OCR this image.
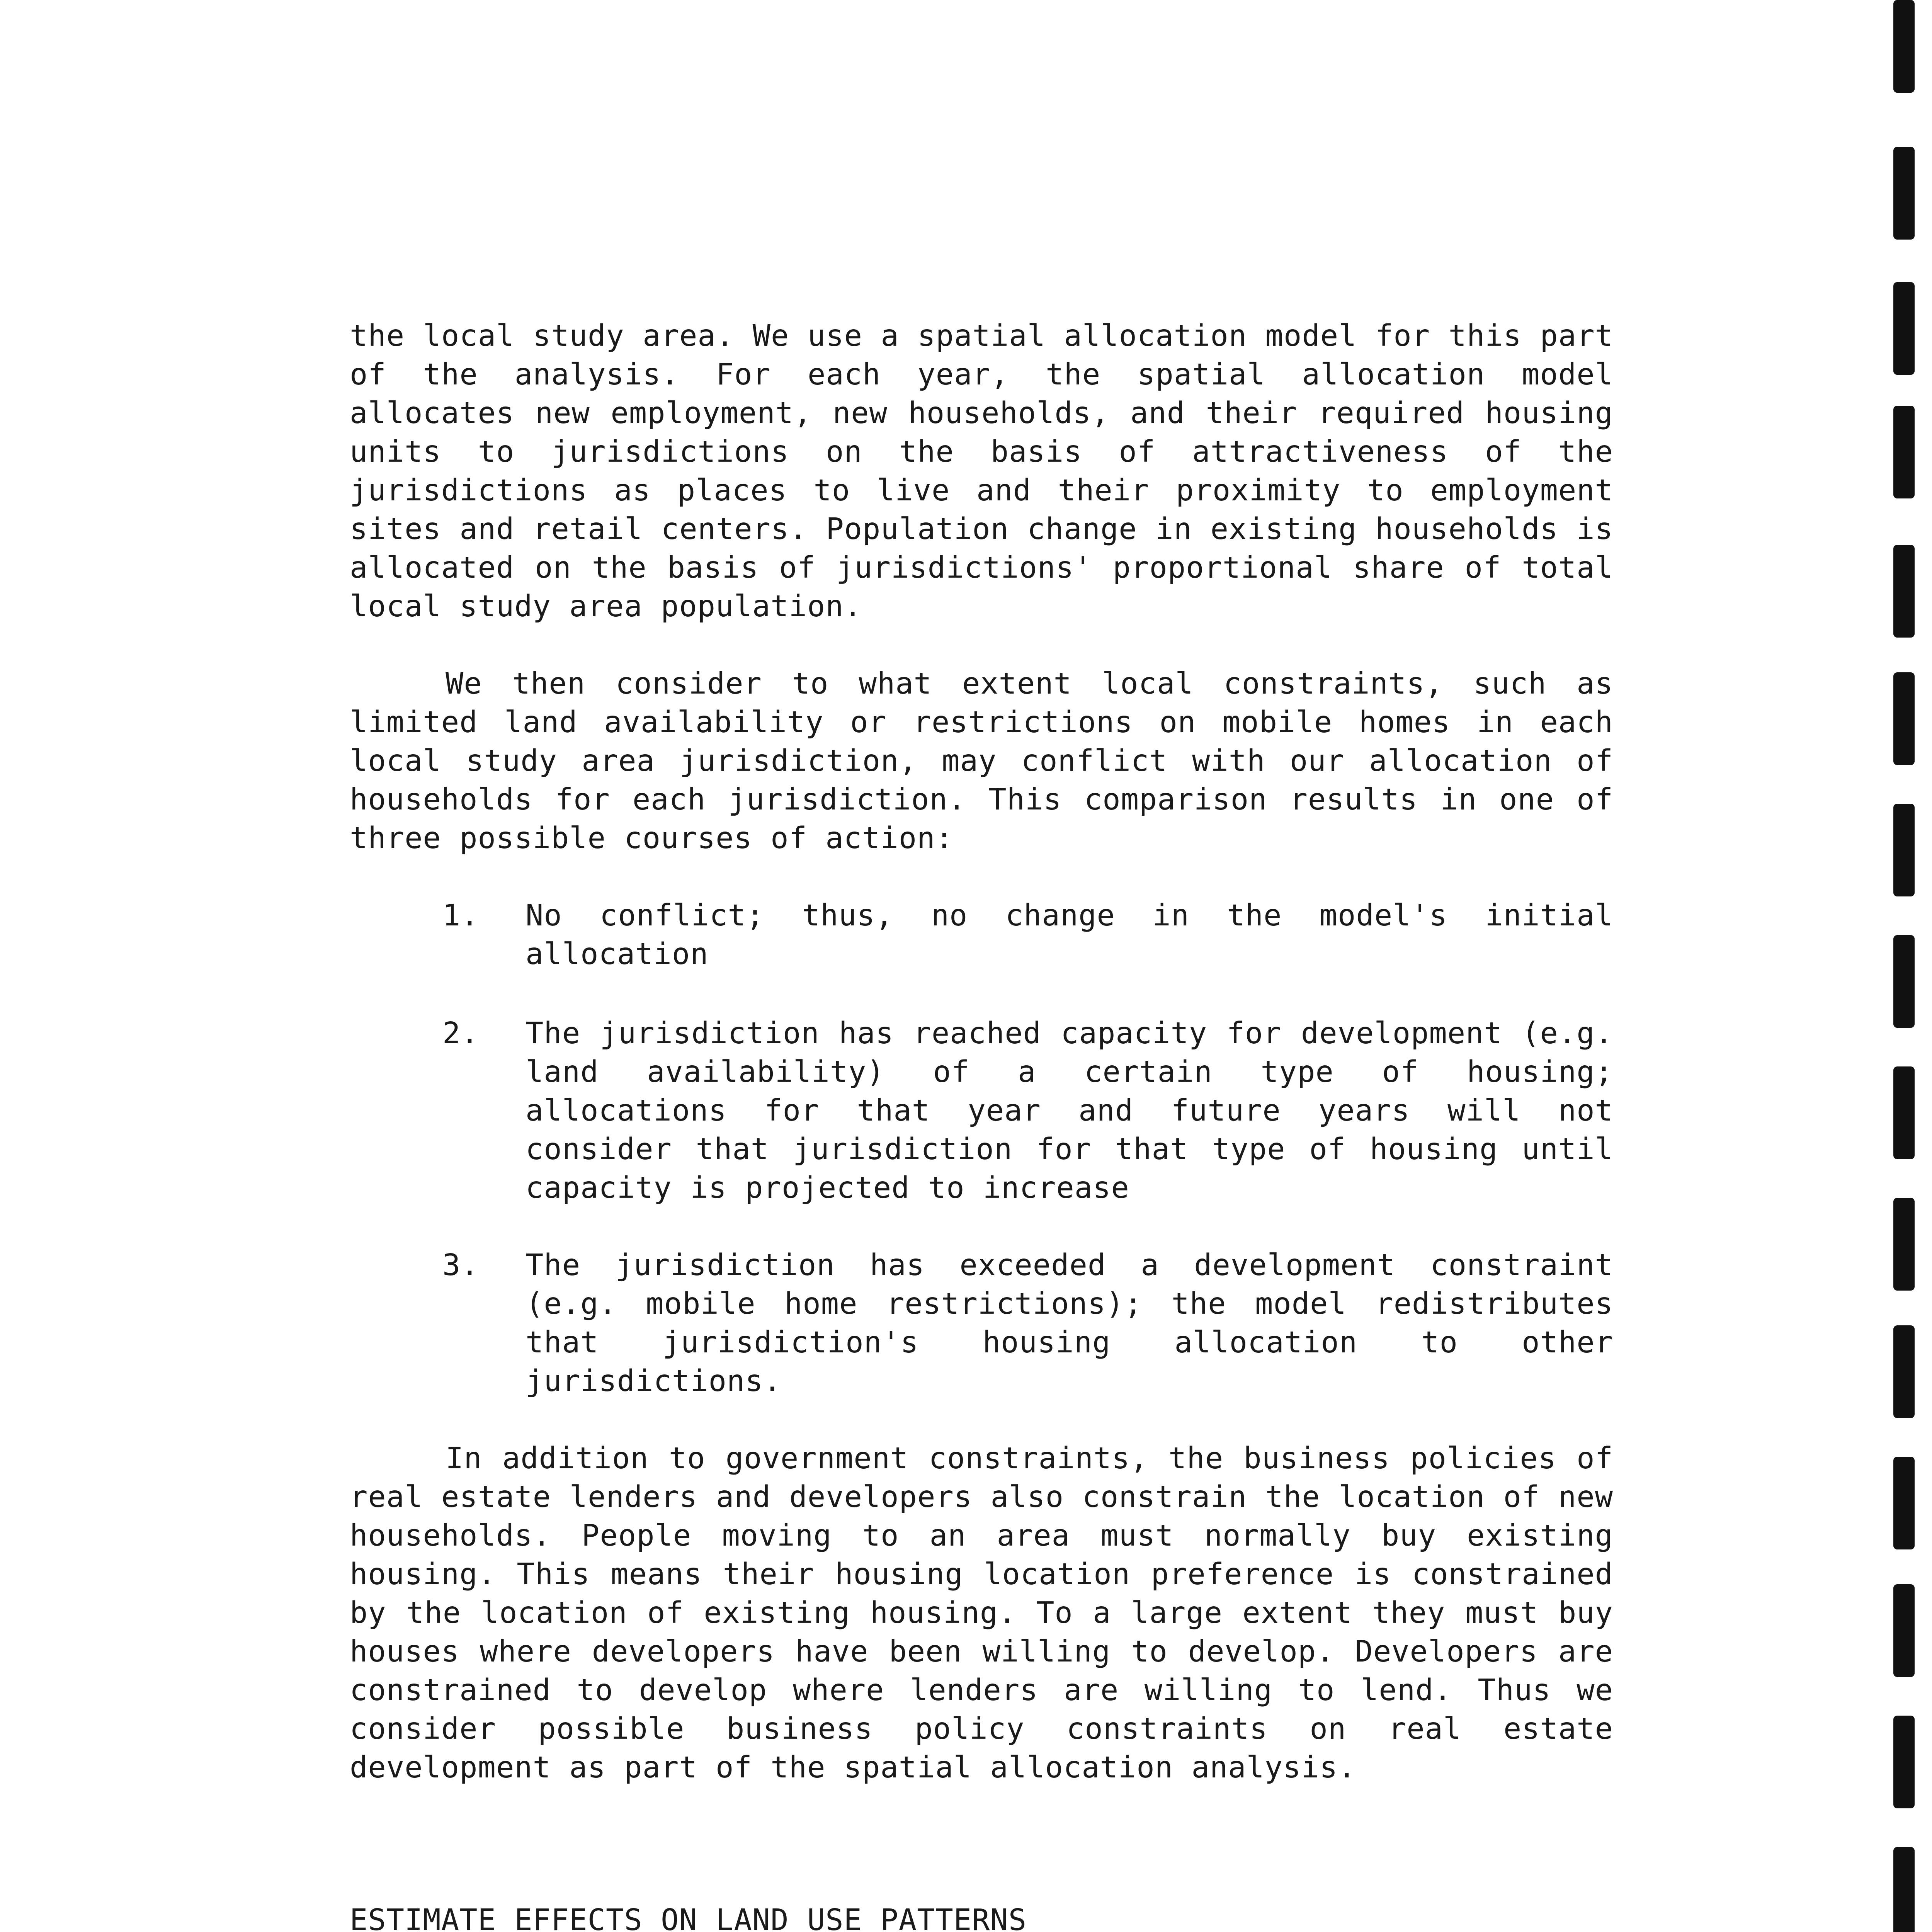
the local study area. We use a spatial allocation model for this part of the analysis. For each year, the spatial allocation model allocates new employment, new households, and their required housing units to jurisdictions on the basis of attractiveness of the jurisdictions as places to live and their proximity to employment sites and retail centers. Population change in existing households is allocated on the basis of jurisdictions' proportional share of total local study area population.

We then consider to what extent local constraints, such as limited land availability or restrictions on mobile homes in each local study area jurisdiction, may conflict with our allocation of households for each jurisdiction. This comparison results in one of three possible courses of action:

1.	No conflict; thus, no change in the model's initial allocation
2.	The jurisdiction has reached capacity for development (e.g. land availability) of a certain type of housing; allocations for that year and future years will not consider that jurisdiction for that type of housing until capacity is projected to increase
3.	The jurisdiction has exceeded a development constraint (e.g. mobile home restrictions); the model redistributes that jurisdiction's housing allocation to other jurisdictions.

In addition to government constraints, the business policies of real estate lenders and developers also constrain the location of new households. People moving to an area must normally buy existing housing. This means their housing location preference is constrained by the location of existing housing. To a large extent they must buy houses where developers have been willing to develop. Developers are constrained to develop where lenders are willing to lend. Thus we consider possible business policy constraints on real estate development as part of the spatial allocation analysis.

ESTIMATE EFFECTS ON LAND USE PATTERNS
